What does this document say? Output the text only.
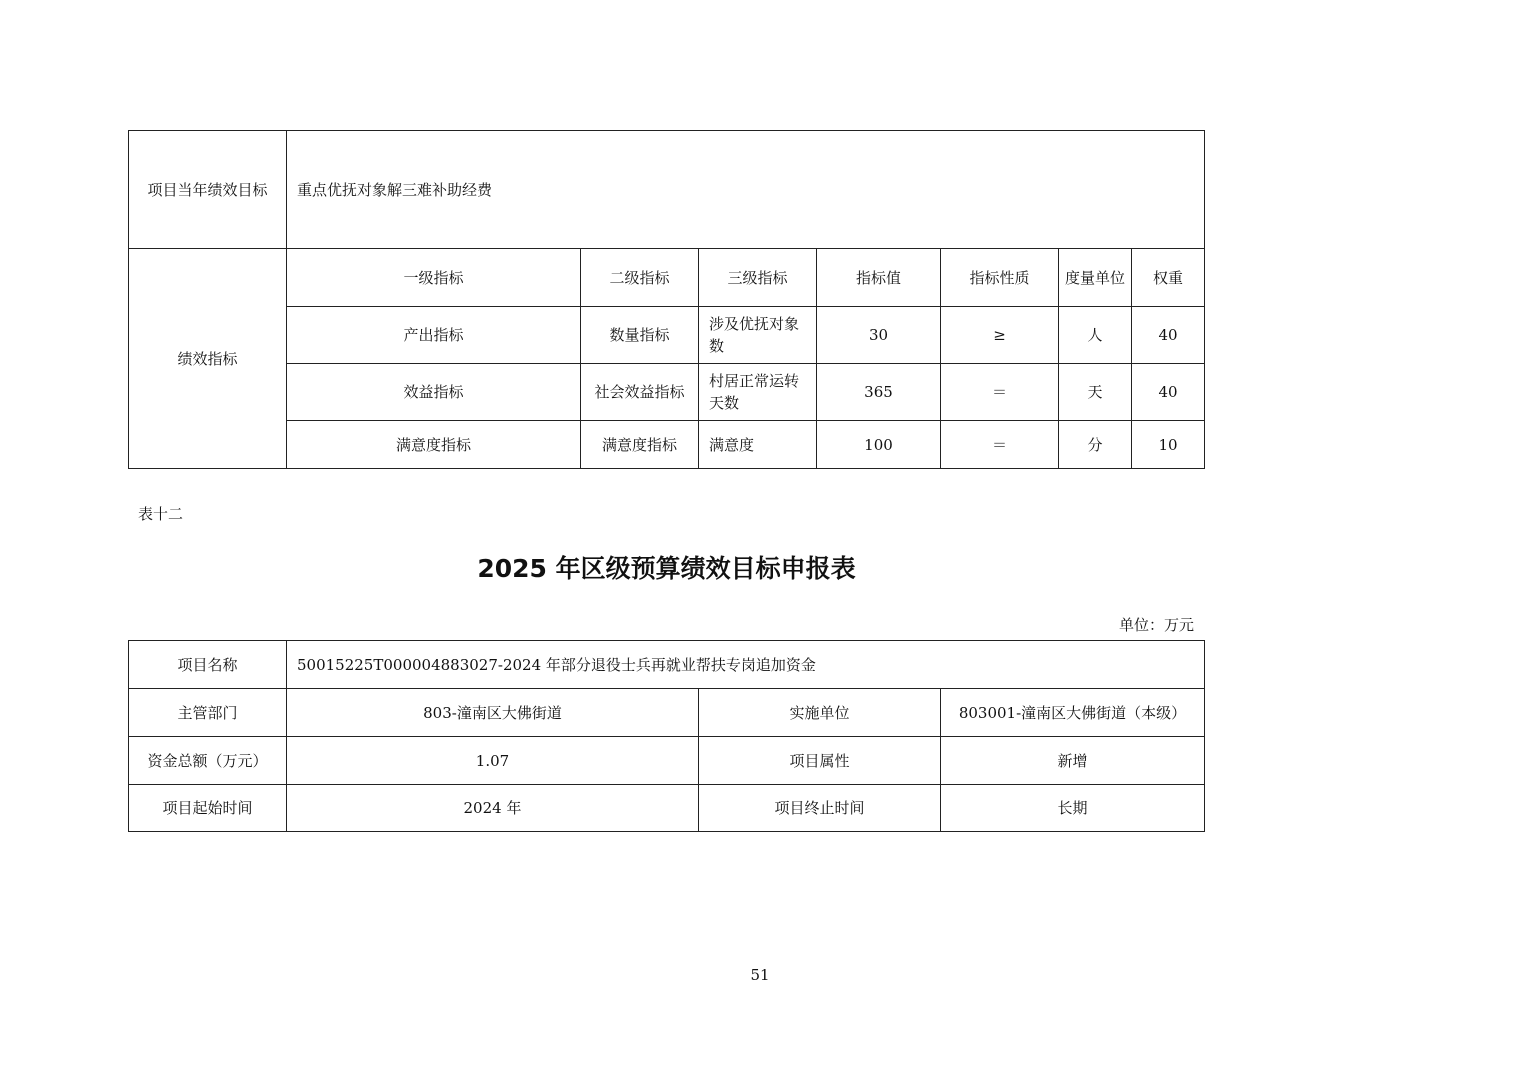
项目当年绩效目标	重点优抚对象解三难补助经费						
绩效指标	一级指标	二级指标	三级指标	指标值	指标性质	度量单位	权重
	产出指标	数量指标	涉及优抚对象数	30	≥	人	40
	效益指标	社会效益指标	村居正常运转天数	365	＝	天	40
	满意度指标	满意度指标	满意度	100	＝	分	10
表十二
2025 年区级预算绩效目标申报表
单位：万元
项目名称	50015225T000004883027-2024 年部分退役士兵再就业帮扶专岗追加资金		
主管部门	803-潼南区大佛街道	实施单位	803001-潼南区大佛街道（本级）
资金总额（万元）	1.07	项目属性	新增
项目起始时间	2024 年	项目终止时间	长期
51
